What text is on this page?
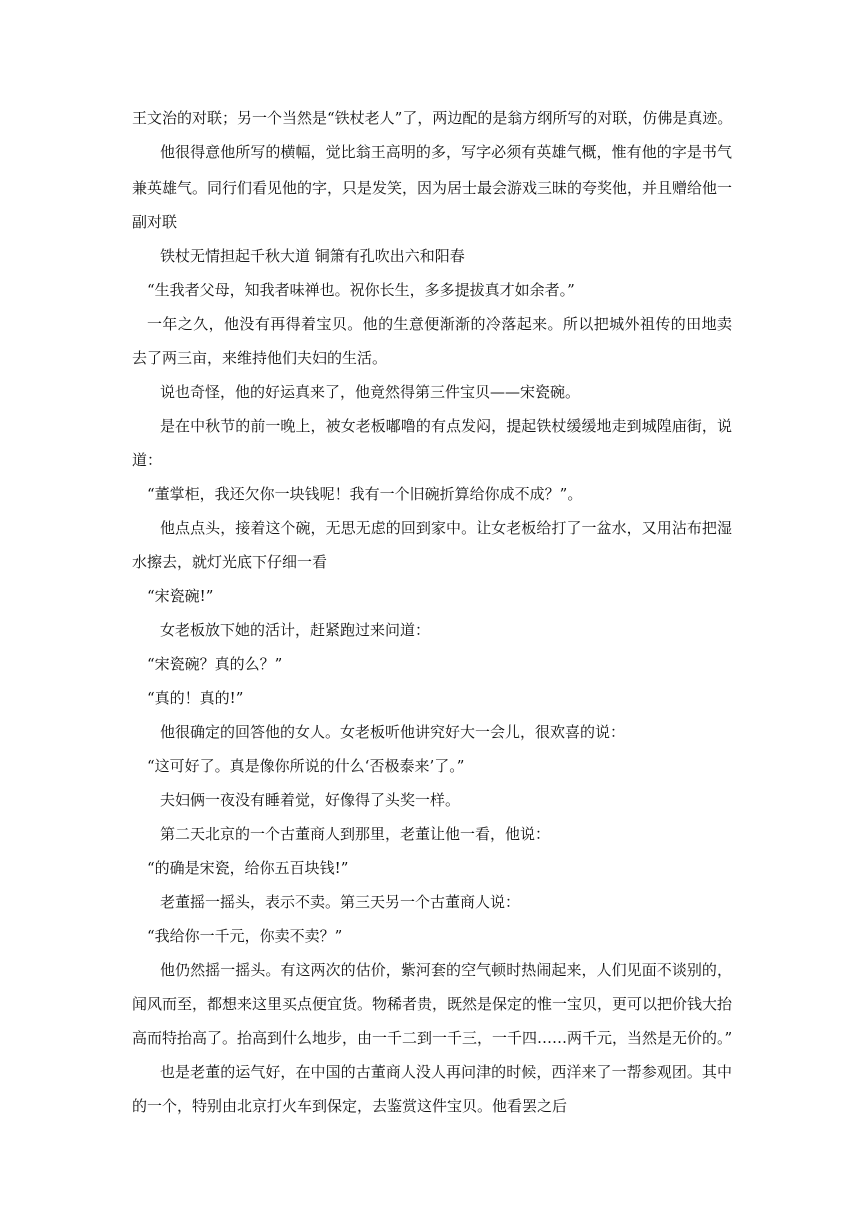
王文治的对联；另一个当然是“铁杖老人”了，两边配的是翁方纲所写的对联，仿佛是真迹。
他很得意他所写的横幅，觉比翁王高明的多，写字必须有英雄气概，惟有他的字是书气
兼英雄气。同行们看见他的字，只是发笑，因为居士最会游戏三昧的夸奖他，并且赠给他一
副对联
铁杖无情担起千秋大道 铜箫有孔吹出六和阳春
“生我者父母，知我者味禅也。祝你长生，多多提拔真才如余者。”
一年之久，他没有再得着宝贝。他的生意便渐渐的冷落起来。所以把城外祖传的田地卖
去了两三亩，来维持他们夫妇的生活。
说也奇怪，他的好运真来了，他竟然得第三件宝贝——宋瓷碗。
是在中秋节的前一晚上，被女老板嘟噜的有点发闷，提起铁杖缓缓地走到城隍庙街，说
道：
“董掌柜，我还欠你一块钱呢！我有一个旧碗折算给你成不成？”。
他点点头，接着这个碗，无思无虑的回到家中。让女老板给打了一盆水，又用沾布把湿
水擦去，就灯光底下仔细一看
“宋瓷碗!”
女老板放下她的活计，赶紧跑过来问道：
“宋瓷碗？真的么？”
“真的！真的!”
他很确定的回答他的女人。女老板听他讲究好大一会儿，很欢喜的说：
“这可好了。真是像你所说的什么‘否极泰来’了。”
夫妇俩一夜没有睡着觉，好像得了头奖一样。
第二天北京的一个古董商人到那里，老董让他一看，他说：
“的确是宋瓷，给你五百块钱!”
老董摇一摇头，表示不卖。第三天另一个古董商人说：
“我给你一千元，你卖不卖？”
他仍然摇一摇头。有这两次的估价，紫河套的空气顿时热闹起来，人们见面不谈别的，
闻风而至，都想来这里买点便宜货。物稀者贵，既然是保定的惟一宝贝，更可以把价钱大抬
高而特抬高了。抬高到什么地步，由一千二到一千三，一千四……两千元，当然是无价的。”
也是老董的运气好，在中国的古董商人没人再问津的时候，西洋来了一帮参观团。其中
的一个，特别由北京打火车到保定，去鉴赏这件宝贝。他看罢之后
